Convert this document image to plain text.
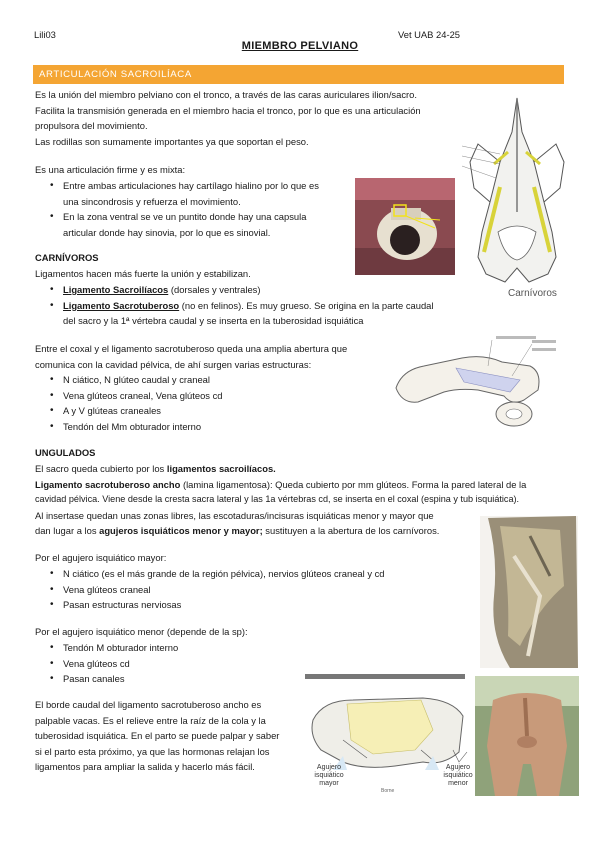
Lili03	Vet UAB 24-25
MIEMBRO PELVIANO
ARTICULACIÓN SACROILÍACA
Es la unión del miembro pelviano con el tronco, a través de las caras auriculares ilion/sacro.
Facilita la transmisión generada en el miembro hacia el tronco, por lo que es una articulación
propulsora del movimiento.
Las rodillas son sumamente importantes ya que soportan el peso.
Es una articulación firme y es mixta:
• Entre ambas articulaciones hay cartílago hialino por lo que es
una sincondrosis y refuerza el movimiento.
• En la zona ventral se ve un puntito donde hay una capsula
articular donde hay sinovia, por lo que es sinovial.
CARNÍVOROS
Ligamentos hacen más fuerte la unión y estabilizan.
• Ligamento Sacroilíacos (dorsales y ventrales)
• Ligamento Sacrotuberoso (no en felinos). Es muy grueso. Se origina en la parte caudal
del sacro y la 1ª vértebra caudal y se inserta en la tuberosidad isquiática
Entre el coxal y el ligamento sacrotuberoso queda una amplia abertura que
comunica con la cavidad pélvica, de ahí surgen varias estructuras:
• N ciático, N glúteo caudal y craneal
• Vena glúteos craneal, Vena glúteos cd
• A y V glúteas craneales
• Tendón del Mm obturador interno
UNGULADOS
El sacro queda cubierto por los ligamentos sacroilíacos.
Ligamento sacrotuberoso ancho (lamina ligamentosa): Queda cubierto por mm glúteos. Forma la pared lateral de la
cavidad pélvica. Viene desde la cresta sacra lateral y las 1a vértebras cd, se inserta en el coxal (espina y tub isquiática).
Al insertase quedan unas zonas libres, las escotaduras/incisuras isquiáticas menor y mayor que
dan lugar a los agujeros isquiáticos menor y mayor; sustituyen a la abertura de los carnívoros.
Por el agujero isquiático mayor:
• N ciático (es el más grande de la región pélvica), nervios glúteos craneal y cd
• Vena glúteos craneal
• Pasan estructuras nerviosas
Por el agujero isquiático menor (depende de la sp):
• Tendón M obturador interno
• Vena glúteos cd
• Pasan canales
El borde caudal del ligamento sacrotuberoso ancho es
palpable vacas. Es el relieve entre la raíz de la cola y la
tuberosidad isquiática. En el parto se puede palpar y saber
si el parto esta próximo, ya que las hormonas relajan los
ligamentos para ampliar la salida y hacerlo más fácil.
Carnívoros
Agujero isquiático mayor
Agujero isquiático menor
Borne
